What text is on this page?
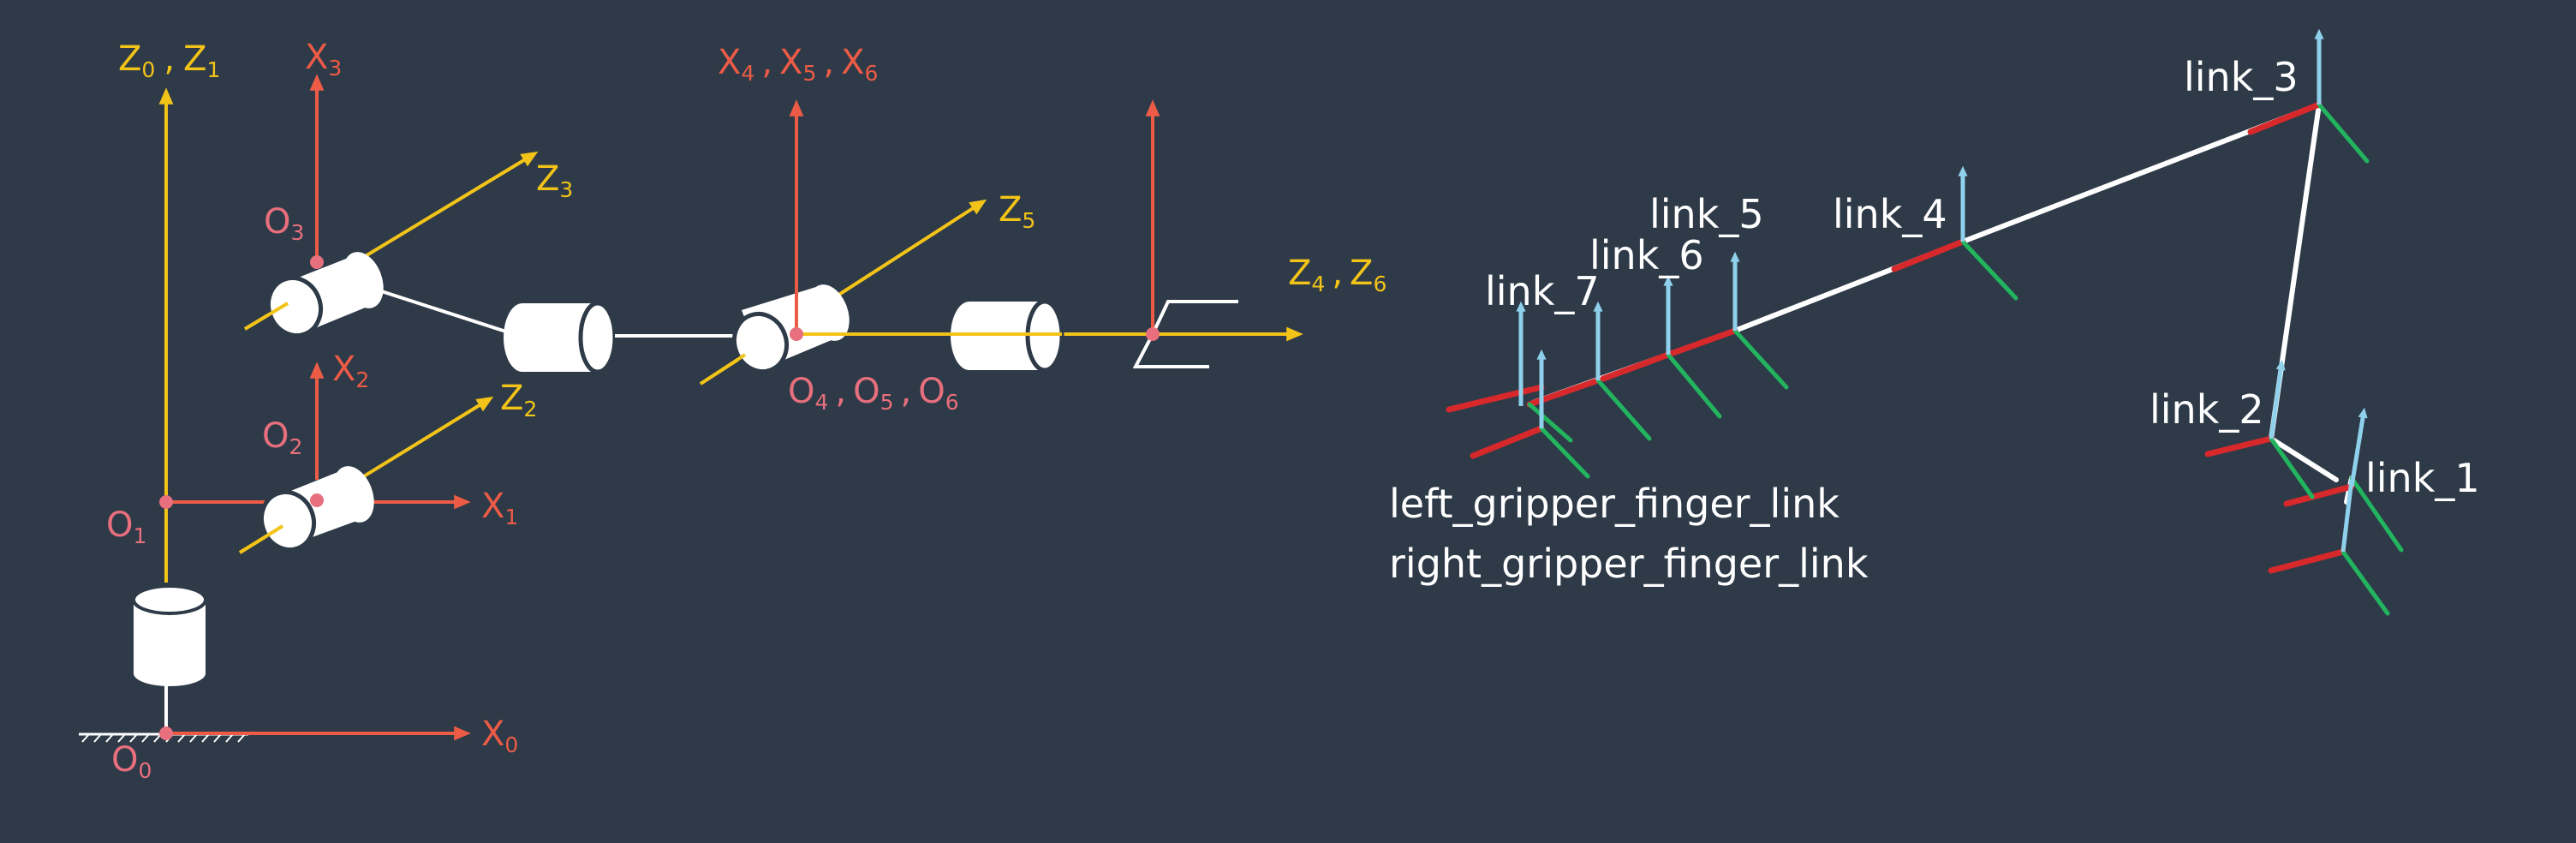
$Z_0$ , $Z_1$ $X_3$
$Z_3$
$O_3$
$X_2$	$Z_2$
$O_2$
$O_1$
$X_1$
$X_0$
$O_0$
$X_4$ , $X_5$ , $X_6$
$Z_5$
$O_4$ , $O_5$ , $O_6$
$Z_4$ , $Z_6$
link_3
link_4
link_5
link_6
link_7
link_2
link_1
left_gripper_finger_link
right_gripper_finger_link
